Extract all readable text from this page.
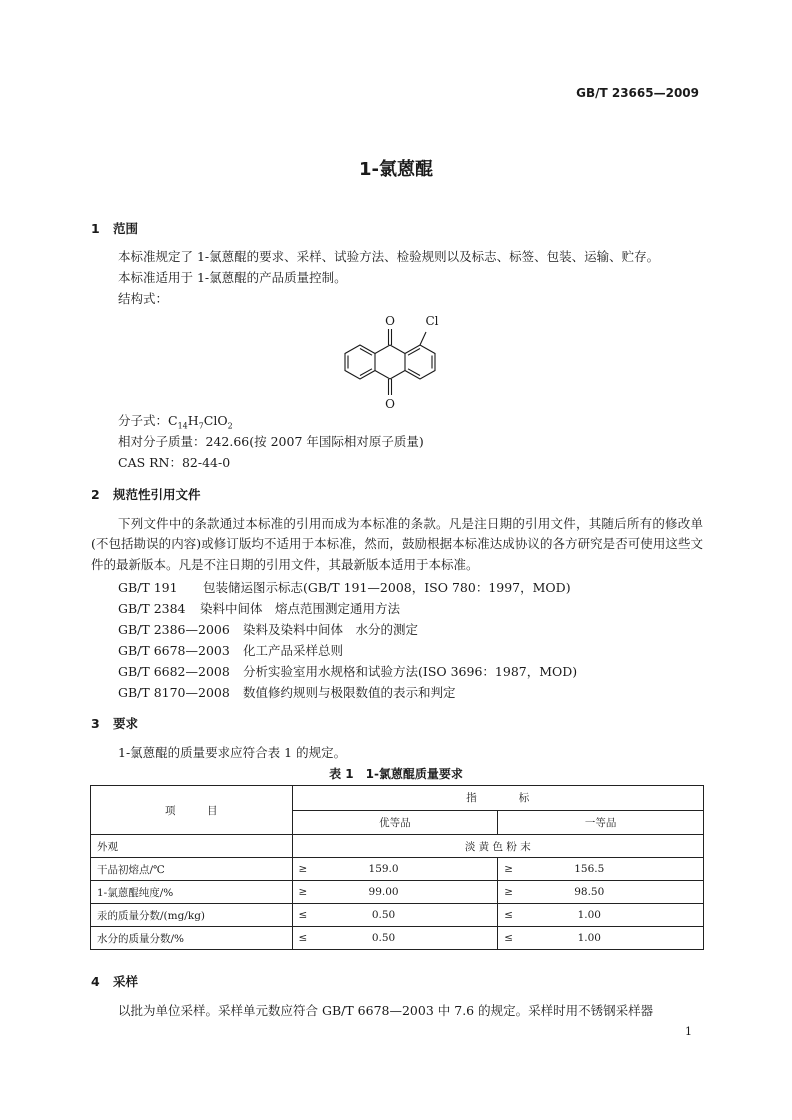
GB/T 23665—2009
1-氯蒽醌
1 范围
本标准规定了 1-氯蒽醌的要求、采样、试验方法、检验规则以及标志、标签、包装、运输、贮存。
本标准适用于 1-氯蒽醌的产品质量控制。
结构式：
O	Cl
O
分子式：$C_{14}H_7ClO_2$
相对分子质量：242.66(按 2007 年国际相对原子质量)
CAS RN：82-44-0
2 规范性引用文件
下列文件中的条款通过本标准的引用而成为本标准的条款。凡是注日期的引用文件，其随后所有的修改单(不包括勘误的内容)或修订版均不适用于本标准，然而，鼓励根据本标准达成协议的各方研究是否可使用这些文件的最新版本。凡是不注日期的引用文件，其最新版本适用于本标准。
GB/T 191 包装储运图示标志(GB/T 191—2008，ISO 780：1997，MOD)
GB/T 2384 染料中间体　熔点范围测定通用方法
GB/T 2386—2006 染料及染料中间体　水分的测定
GB/T 6678—2003 化工产品采样总则
GB/T 6682—2008 分析实验室用水规格和试验方法(ISO 3696：1987，MOD)
GB/T 8170—2008 数值修约规则与极限数值的表示和判定
3 要求
1-氯蒽醌的质量要求应符合表 1 的规定。
表 1　1-氯蒽醌质量要求
项　　　目	指　　　　标	
	优等品	一等品
外观	淡 黄 色 粉 末	
干品初熔点/℃	≥ 159.0	≥ 156.5
1-氯蒽醌纯度/%	≥ 99.00	≥ 98.50
汞的质量分数/(mg/kg)	≤ 0.50	≤ 1.00
水分的质量分数/%	≤ 0.50	≤ 1.00
4 采样
以批为单位采样。采样单元数应符合 GB/T 6678—2003 中 7.6 的规定。采样时用不锈钢采样器
1
